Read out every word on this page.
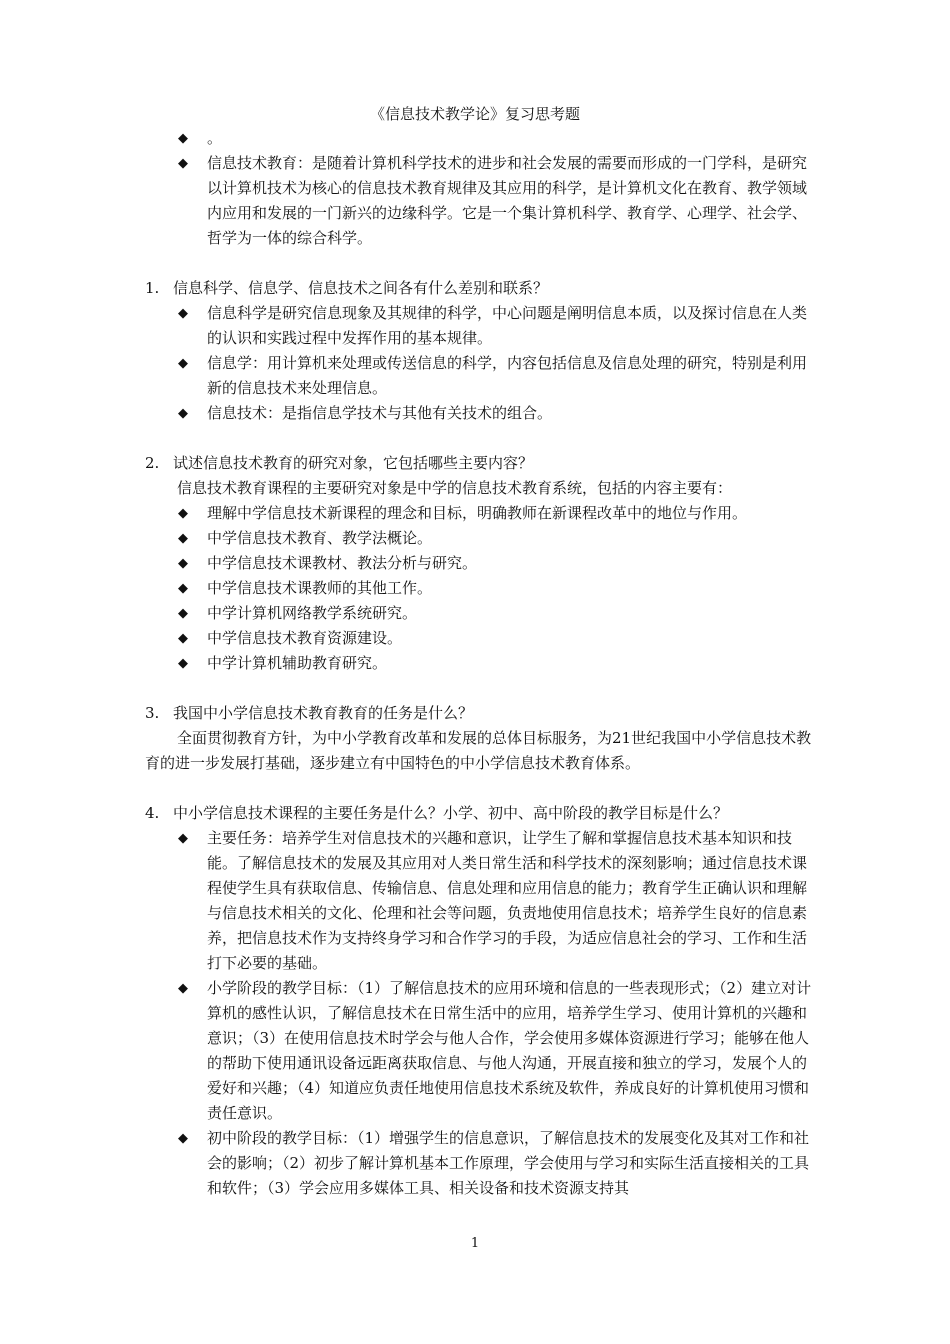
《信息技术教学论》复习思考题
◆ 。
◆ 信息技术教育：是随着计算机科学技术的进步和社会发展的需要而形成的一门学科，是研究以计算机技术为核心的信息技术教育规律及其应用的科学，是计算机文化在教育、教学领域内应用和发展的一门新兴的边缘科学。它是一个集计算机科学、教育学、心理学、社会学、哲学为一体的综合科学。
1. 信息科学、信息学、信息技术之间各有什么差别和联系？
◆ 信息科学是研究信息现象及其规律的科学，中心问题是阐明信息本质，以及探讨信息在人类的认识和实践过程中发挥作用的基本规律。
◆ 信息学：用计算机来处理或传送信息的科学，内容包括信息及信息处理的研究，特别是利用新的信息技术来处理信息。
◆ 信息技术：是指信息学技术与其他有关技术的组合。
2. 试述信息技术教育的研究对象，它包括哪些主要内容？
信息技术教育课程的主要研究对象是中学的信息技术教育系统，包括的内容主要有：
◆ 理解中学信息技术新课程的理念和目标，明确教师在新课程改革中的地位与作用。
◆ 中学信息技术教育、教学法概论。
◆ 中学信息技术课教材、教法分析与研究。
◆ 中学信息技术课教师的其他工作。
◆ 中学计算机网络教学系统研究。
◆ 中学信息技术教育资源建设。
◆ 中学计算机辅助教育研究。
3. 我国中小学信息技术教育教育的任务是什么？
全面贯彻教育方针，为中小学教育改革和发展的总体目标服务，为21世纪我国中小学信息技术教育的进一步发展打基础，逐步建立有中国特色的中小学信息技术教育体系。
4. 中小学信息技术课程的主要任务是什么？小学、初中、高中阶段的教学目标是什么？
◆ 主要任务：培养学生对信息技术的兴趣和意识，让学生了解和掌握信息技术基本知识和技能。了解信息技术的发展及其应用对人类日常生活和科学技术的深刻影响；通过信息技术课程使学生具有获取信息、传输信息、信息处理和应用信息的能力；教育学生正确认识和理解与信息技术相关的文化、伦理和社会等问题，负责地使用信息技术；培养学生良好的信息素养，把信息技术作为支持终身学习和合作学习的手段，为适应信息社会的学习、工作和生活打下必要的基础。
◆ 小学阶段的教学目标：（1）了解信息技术的应用环境和信息的一些表现形式；（2）建立对计算机的感性认识，了解信息技术在日常生活中的应用，培养学生学习、使用计算机的兴趣和意识；（3）在使用信息技术时学会与他人合作，学会使用多媒体资源进行学习；能够在他人的帮助下使用通讯设备远距离获取信息、与他人沟通，开展直接和独立的学习，发展个人的爱好和兴趣；（4）知道应负责任地使用信息技术系统及软件，养成良好的计算机使用习惯和责任意识。
◆ 初中阶段的教学目标：（1）增强学生的信息意识，了解信息技术的发展变化及其对工作和社会的影响；（2）初步了解计算机基本工作原理，学会使用与学习和实际生活直接相关的工具和软件；（3）学会应用多媒体工具、相关设备和技术资源支持其
1
